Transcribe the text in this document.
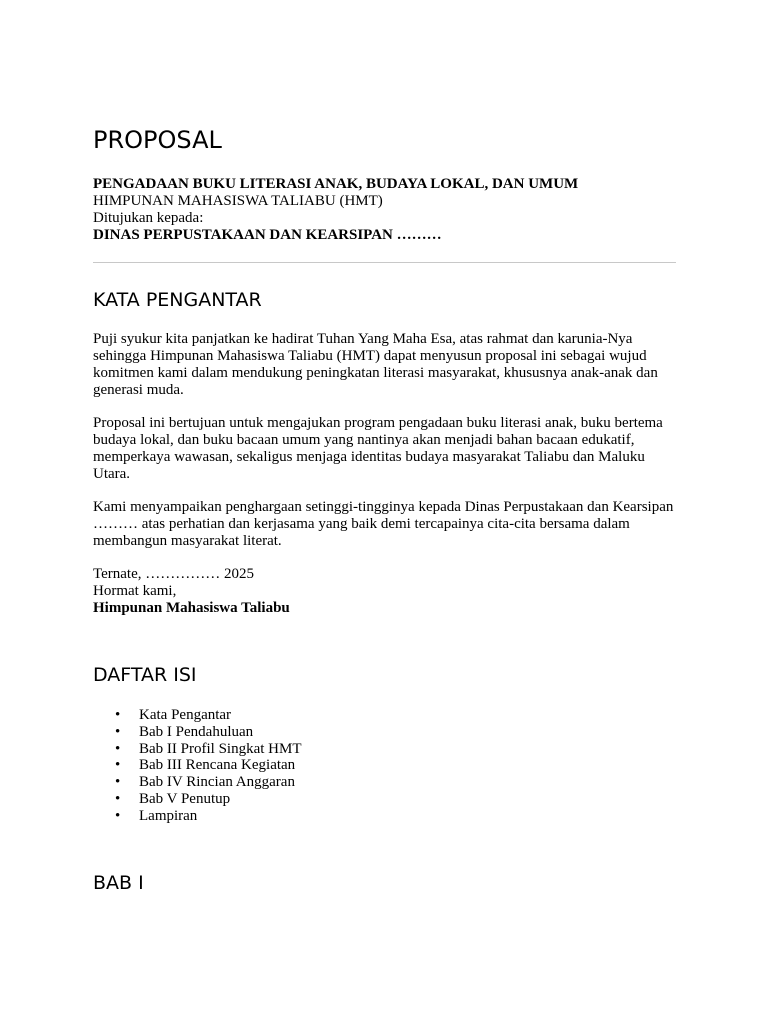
PROPOSAL

PENGADAAN BUKU LITERASI ANAK, BUDAYA LOKAL, DAN UMUM

HIMPUNAN MAHASISWA TALIABU (HMT)

Ditujukan kepada:

DINAS PERPUSTAKAAN DAN KEARSIPAN ………

KATA PENGANTAR

Puji syukur kita panjatkan ke hadirat Tuhan Yang Maha Esa, atas rahmat dan karunia-Nya sehingga Himpunan Mahasiswa Taliabu (HMT) dapat menyusun proposal ini sebagai wujud komitmen kami dalam mendukung peningkatan literasi masyarakat, khususnya anak-anak dan generasi muda.

Proposal ini bertujuan untuk mengajukan program pengadaan buku literasi anak, buku bertema budaya lokal, dan buku bacaan umum yang nantinya akan menjadi bahan bacaan edukatif, memperkaya wawasan, sekaligus menjaga identitas budaya masyarakat Taliabu dan Maluku Utara.

Kami menyampaikan penghargaan setinggi-tingginya kepada Dinas Perpustakaan dan Kearsipan ……… atas perhatian dan kerjasama yang baik demi tercapainya cita-cita bersama dalam membangun masyarakat literat.

Ternate, …………… 2025
Hormat kami,
Himpunan Mahasiswa Taliabu

DAFTAR ISI
• Kata Pengantar
• Bab I Pendahuluan
• Bab II Profil Singkat HMT
• Bab III Rencana Kegiatan
• Bab IV Rincian Anggaran
• Bab V Penutup
• Lampiran
BAB I
